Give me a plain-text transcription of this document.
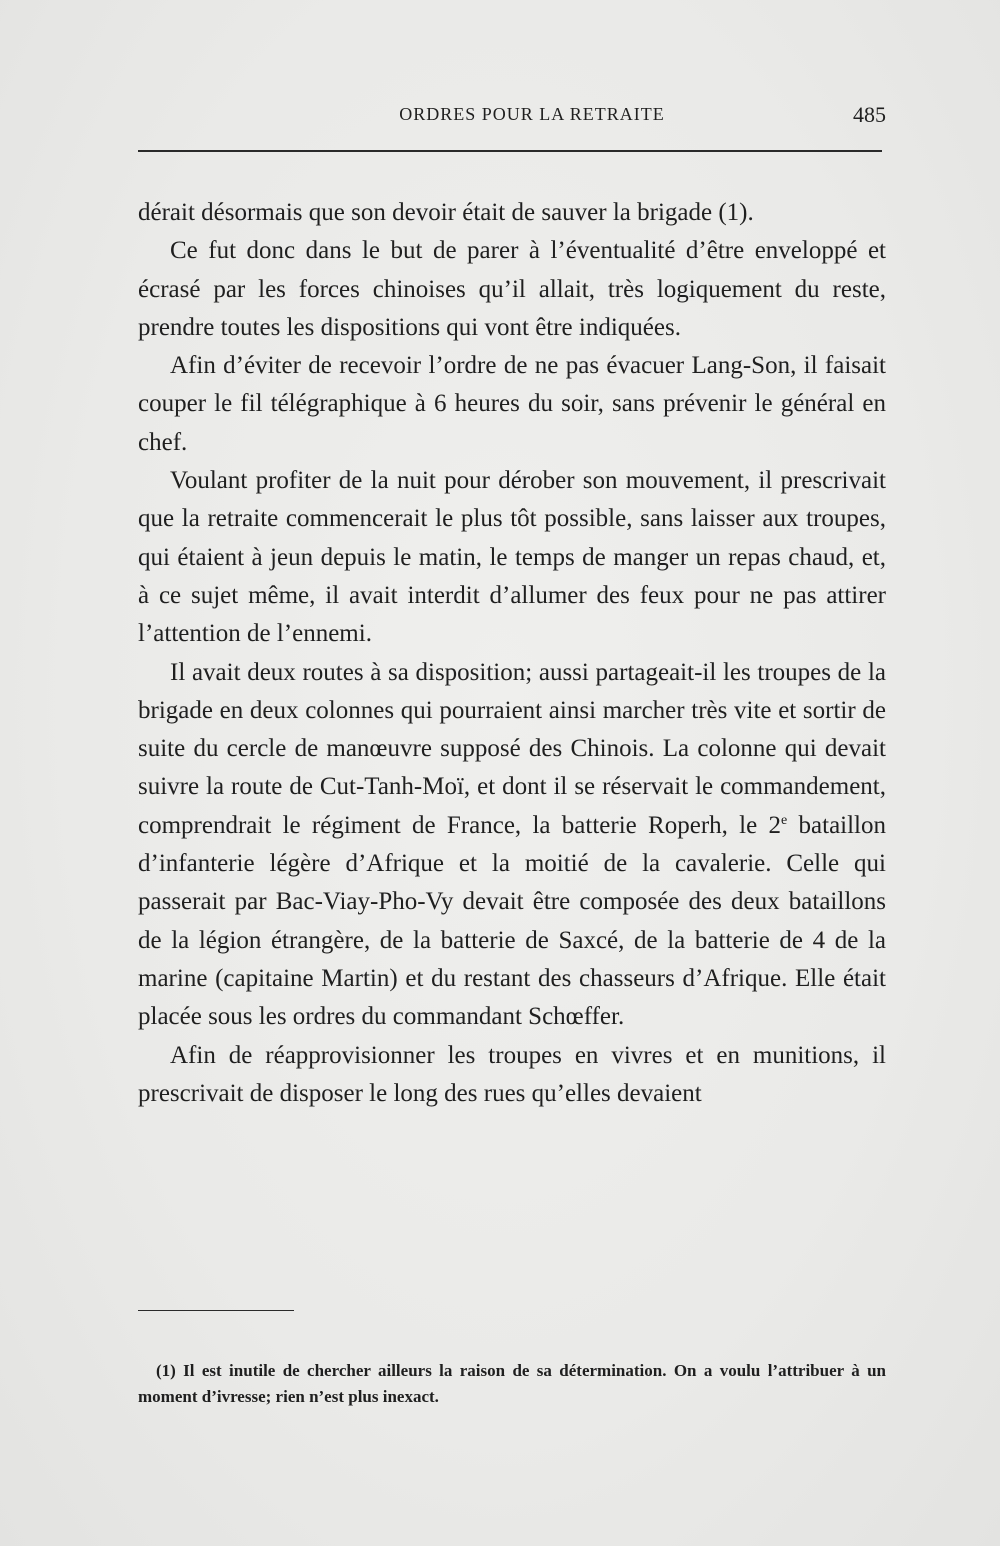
ORDRES POUR LA RETRAITE	485

dérait désormais que son devoir était de sauver la brigade (1).

Ce fut donc dans le but de parer à l’éventualité d’être enveloppé et écrasé par les forces chinoises qu’il allait, très logiquement du reste, prendre toutes les dispositions qui vont être indiquées.

Afin d’éviter de recevoir l’ordre de ne pas évacuer Lang-Son, il faisait couper le fil télégraphique à 6 heures du soir, sans prévenir le général en chef.

Voulant profiter de la nuit pour dérober son mouvement, il prescrivait que la retraite commencerait le plus tôt possible, sans laisser aux troupes, qui étaient à jeun depuis le matin, le temps de manger un repas chaud, et, à ce sujet même, il avait interdit d’allumer des feux pour ne pas attirer l’attention de l’ennemi.

Il avait deux routes à sa disposition; aussi partageait-il les troupes de la brigade en deux colonnes qui pourraient ainsi marcher très vite et sortir de suite du cercle de manœuvre supposé des Chinois. La colonne qui devait suivre la route de Cut-Tanh-Moï, et dont il se réservait le commandement, comprendrait le régiment de France, la batterie Roperh, le 2e bataillon d’infanterie légère d’Afrique et la moitié de la cavalerie. Celle qui passerait par Bac-Viay-Pho-Vy devait être composée des deux bataillons de la légion étrangère, de la batterie de Saxcé, de la batterie de 4 de la marine (capitaine Martin) et du restant des chasseurs d’Afrique. Elle était placée sous les ordres du commandant Schœffer.

Afin de réapprovisionner les troupes en vivres et en munitions, il prescrivait de disposer le long des rues qu’elles devaient

(1) Il est inutile de chercher ailleurs la raison de sa détermination. On a voulu l’attribuer à un moment d’ivresse; rien n’est plus inexact.
